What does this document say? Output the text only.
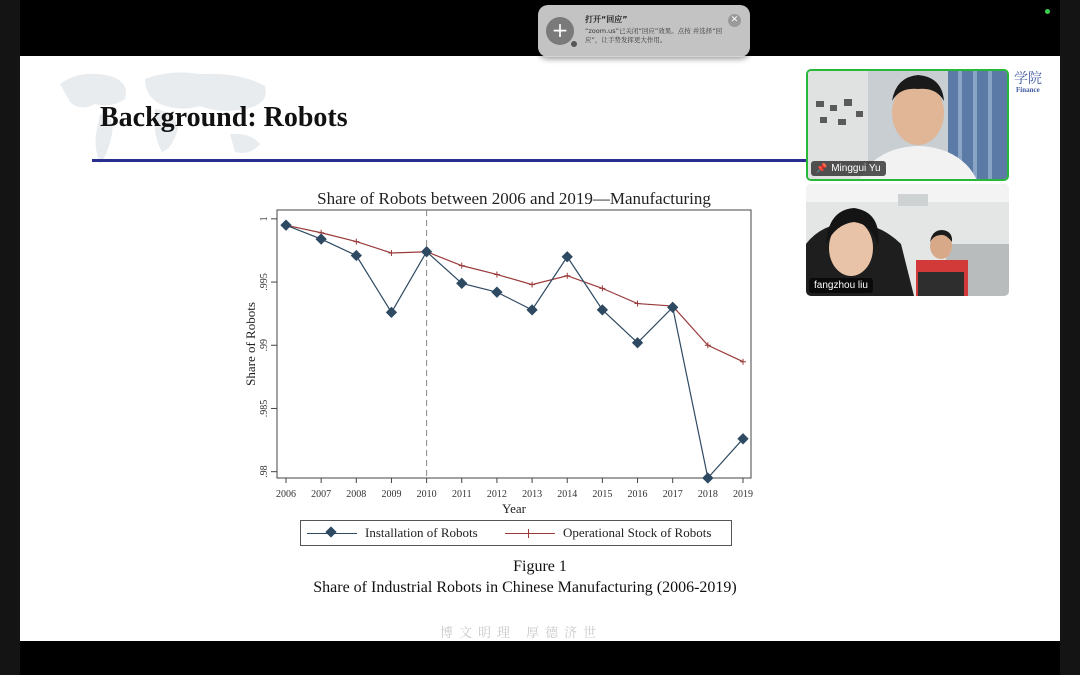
Background: Robots
学院
Finance
Share of Robots between 2006 and 2019—Manufacturing
.98
.985
.99
.995
1
2006 2007 2008 2009 2010 2011 2012 2013 2014 2015 2016 2017 2018 2019
Year
Share of Robots
Installation of Robots	Operational Stock of Robots
Figure 1
Share of Industrial Robots in Chinese Manufacturing (2006-2019)
博文明理 厚德济世
+	打开“回应”
“zoom.us”已关闭“回应”效果。点按 并选择“回应”，让手势发挥更大作用。
✕
📌 Minggui Yu
fangzhou liu
